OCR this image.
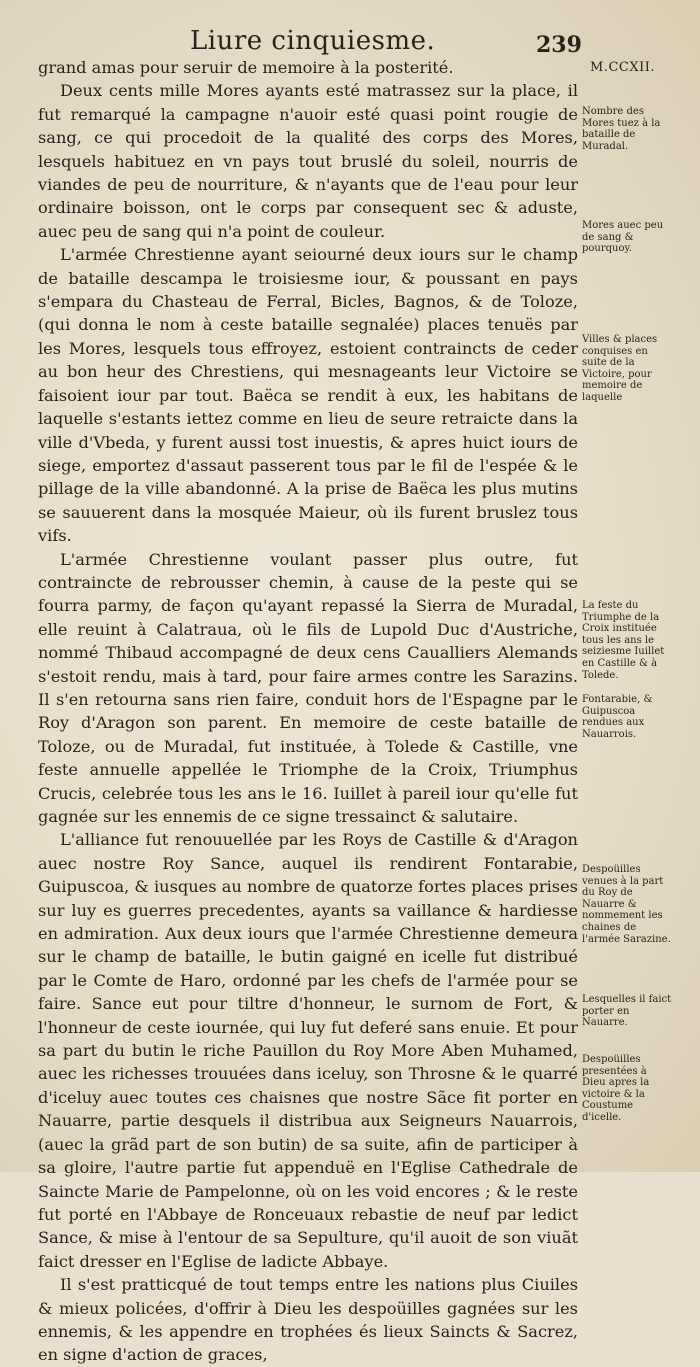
Liure cinquiesme.	239
M.CCXII.

grand amas pour seruir de memoire à la posterité.

Deux cents mille Mores ayants esté matrassez sur la place, il fut remarqué la campagne n'auoir esté quasi point rougie de sang, ce qui procedoit de la qualité des corps des Mores, lesquels habituez en vn pays tout bruslé du soleil, nourris de viandes de peu de nourriture, & n'ayants que de l'eau pour leur ordinaire boisson, ont le corps par consequent sec & aduste, auec peu de sang qui n'a point de couleur.

L'armée Chrestienne ayant seiourné deux iours sur le champ de bataille descampa le troisiesme iour, & poussant en pays s'empara du Chasteau de Ferral, Bicles, Bagnos, & de Toloze, (qui donna le nom à ceste bataille segnalée) places tenuës par les Mores, lesquels tous effroyez, estoient contraincts de ceder au bon heur des Chrestiens, qui mesnageants leur Victoire se faisoient iour par tout. Baëca se rendit à eux, les habitans de laquelle s'estants iettez comme en lieu de seure retraicte dans la ville d'Vbeda, y furent aussi tost inuestis, & apres huict iours de siege, emportez d'assaut passerent tous par le fil de l'espée & le pillage de la ville abandonné. A la prise de Baëca les plus mutins se sauuerent dans la mosquée Maieur, où ils furent bruslez tous vifs.

L'armée Chrestienne voulant passer plus outre, fut contraincte de rebrousser chemin, à cause de la peste qui se fourra parmy, de façon qu'ayant repassé la Sierra de Muradal, elle reuint à Calatraua, où le fils de Lupold Duc d'Austriche, nommé Thibaud accompagné de deux cens Caualliers Alemands s'estoit rendu, mais à tard, pour faire armes contre les Sarazins. Il s'en retourna sans rien faire, conduit hors de l'Espagne par le Roy d'Aragon son parent. En memoire de ceste bataille de Toloze, ou de Muradal, fut instituée, à Tolede & Castille, vne feste annuelle appellée le Triomphe de la Croix, Triumphus Crucis, celebrée tous les ans le 16. Iuillet à pareil iour qu'elle fut gagnée sur les ennemis de ce signe tressainct & salutaire.

L'alliance fut renouuellée par les Roys de Castille & d'Aragon auec nostre Roy Sance, auquel ils rendirent Fontarabie, Guipuscoa, & iusques au nombre de quatorze fortes places prises sur luy es guerres precedentes, ayants sa vaillance & hardiesse en admiration. Aux deux iours que l'armée Chrestienne demeura sur le champ de bataille, le butin gaigné en icelle fut distribué par le Comte de Haro, ordonné par les chefs de l'armée pour se faire. Sance eut pour tiltre d'honneur, le surnom de Fort, & l'honneur de ceste iournée, qui luy fut deferé sans enuie. Et pour sa part du butin le riche Pauillon du Roy More Aben Muhamed, auec les richesses trouuées dans iceluy, son Throsne & le quarré d'iceluy auec toutes ces chaisnes que nostre Sãce fit porter en Nauarre, partie desquels il distribua aux Seigneurs Nauarrois, (auec la grãd part de son butin) de sa suite, afin de participer à sa gloire, l'autre partie fut appenduë en l'Eglise Cathedrale de Saincte Marie de Pampelonne, où on les void encores ; & le reste fut porté en l'Abbaye de Ronceuaux rebastie de neuf par ledict Sance, & mise à l'entour de sa Sepulture, qu'il auoit de son viuãt faict dresser en l'Eglise de ladicte Abbaye.

Il s'est pratticqué de tout temps entre les nations plus Ciuiles & mieux policées, d'offrir à Dieu les despoüilles gagnées sur les ennemis, & les appendre en trophées és lieux Saincts & Sacrez, en signe d'action de graces,

Nombre des Mores tuez à la bataille de Muradal.
Mores auec peu de sang & pourquoy.
Villes & places conquises en suite de la Victoire, pour memoire de laquelle
La feste du Triumphe de la Croix instituée tous les ans le seiziesme Iuillet en Castille & à Tolede.
Fontarabie, & Guipuscoa rendues aux Nauarrois.
Despoüilles venues à la part du Roy de Nauarre & nommement les chaines de l'armée Sarazine.
Lesquelles il faict porter en Nauarre.
Despoüilles presentées à Dieu apres la victoire & la Coustume d'icelle.
